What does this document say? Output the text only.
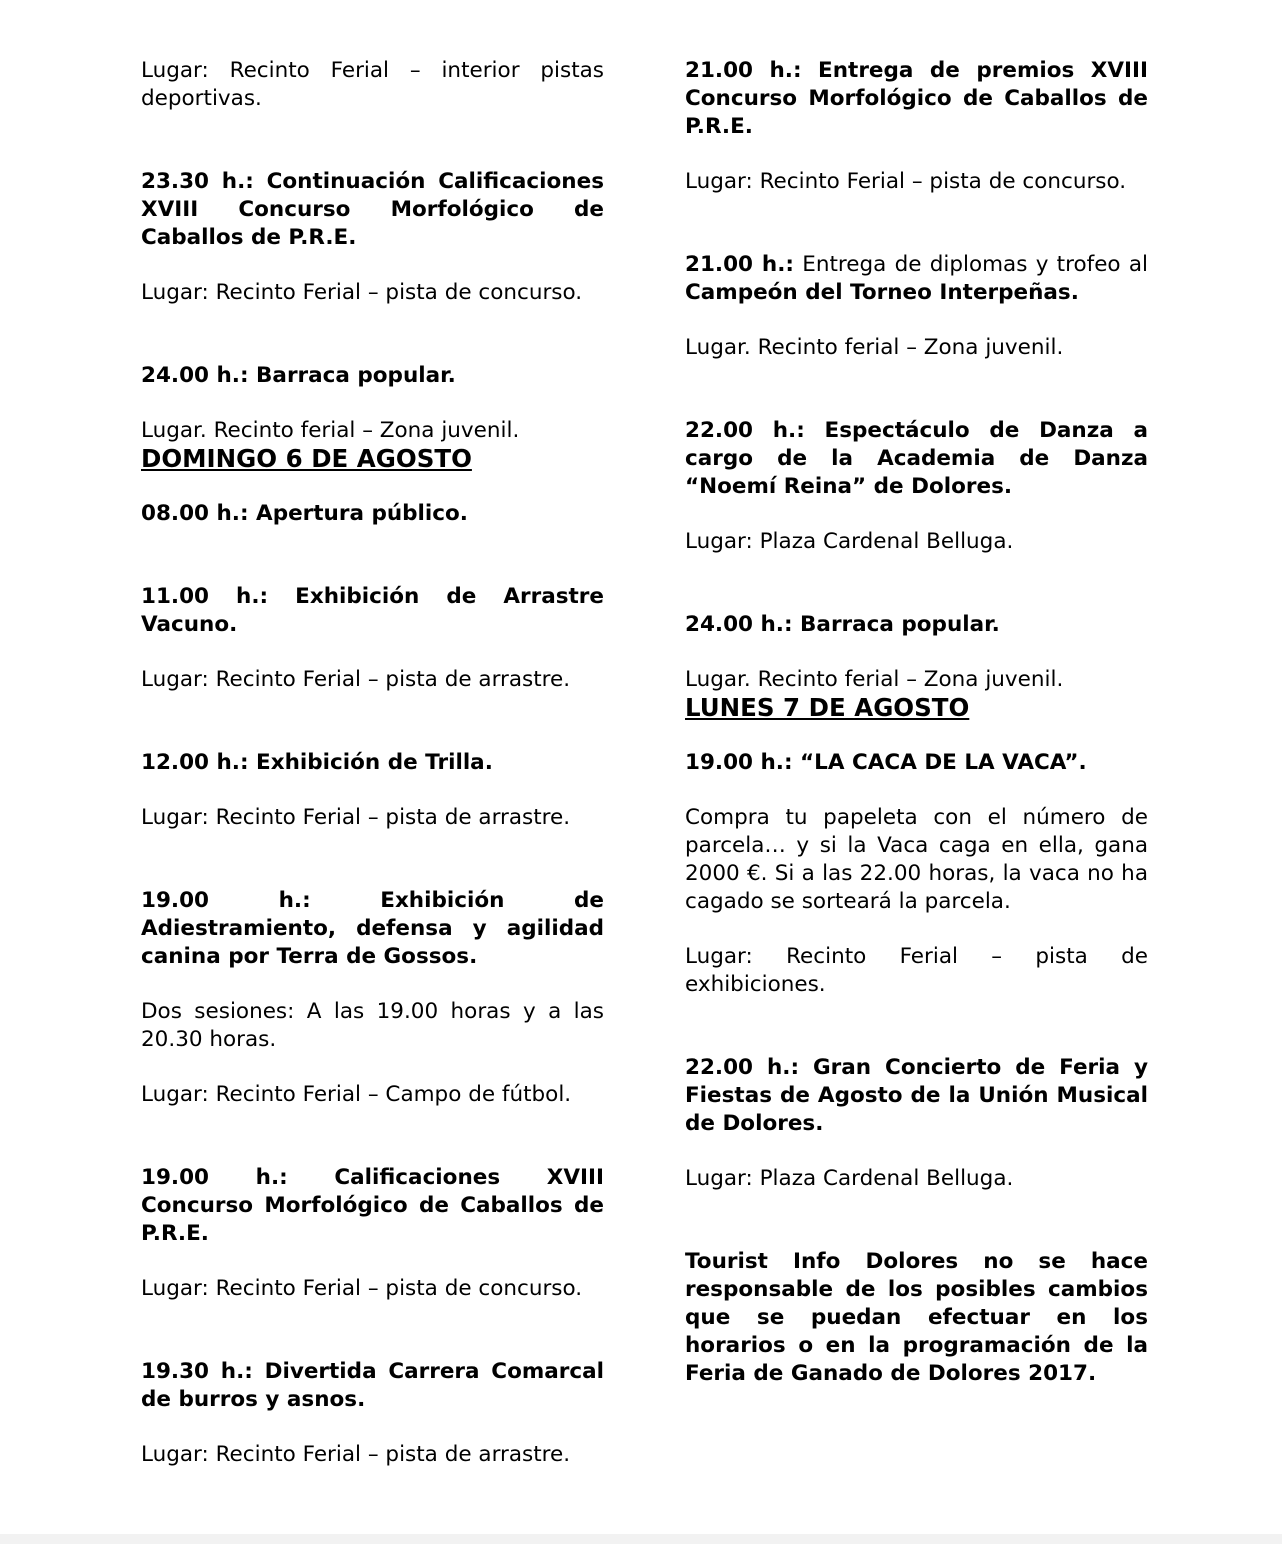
Lugar: Recinto Ferial – interior pistas deportivas.

23.30 h.: Continuación Calificaciones XVIII Concurso Morfológico de Caballos de P.R.E.

Lugar: Recinto Ferial – pista de concurso.

24.00 h.: Barraca popular.

Lugar. Recinto ferial – Zona juvenil.

DOMINGO 6 DE AGOSTO

08.00 h.: Apertura público.

11.00 h.: Exhibición de Arrastre Vacuno.

Lugar: Recinto Ferial – pista de arrastre.

12.00 h.: Exhibición de Trilla.

Lugar: Recinto Ferial – pista de arrastre.

19.00 h.: Exhibición de Adiestramiento, defensa y agilidad canina por Terra de Gossos.

Dos sesiones: A las 19.00 horas y a las 20.30 horas.

Lugar: Recinto Ferial – Campo de fútbol.

19.00 h.: Calificaciones XVIII Concurso Morfológico de Caballos de P.R.E.

Lugar: Recinto Ferial – pista de concurso.

19.30 h.: Divertida Carrera Comarcal de burros y asnos.

Lugar: Recinto Ferial – pista de arrastre.

21.00 h.: Entrega de premios XVIII Concurso Morfológico de Caballos de P.R.E.

Lugar: Recinto Ferial – pista de concurso.

21.00 h.: Entrega de diplomas y trofeo al Campeón del Torneo Interpeñas.

Lugar. Recinto ferial – Zona juvenil.

22.00 h.: Espectáculo de Danza a cargo de la Academia de Danza “Noemí Reina” de Dolores.

Lugar: Plaza Cardenal Belluga.

24.00 h.: Barraca popular.

Lugar. Recinto ferial – Zona juvenil.

LUNES 7 DE AGOSTO

19.00 h.: “LA CACA DE LA VACA”.

Compra tu papeleta con el número de parcela… y si la Vaca caga en ella, gana 2000 €. Si a las 22.00 horas, la vaca no ha cagado se sorteará la parcela.

Lugar: Recinto Ferial – pista de exhibiciones.

22.00 h.: Gran Concierto de Feria y Fiestas de Agosto de la Unión Musical de Dolores.

Lugar: Plaza Cardenal Belluga.

Tourist Info Dolores no se hace responsable de los posibles cambios que se puedan efectuar en los horarios o en la programación de la Feria de Ganado de Dolores 2017.
